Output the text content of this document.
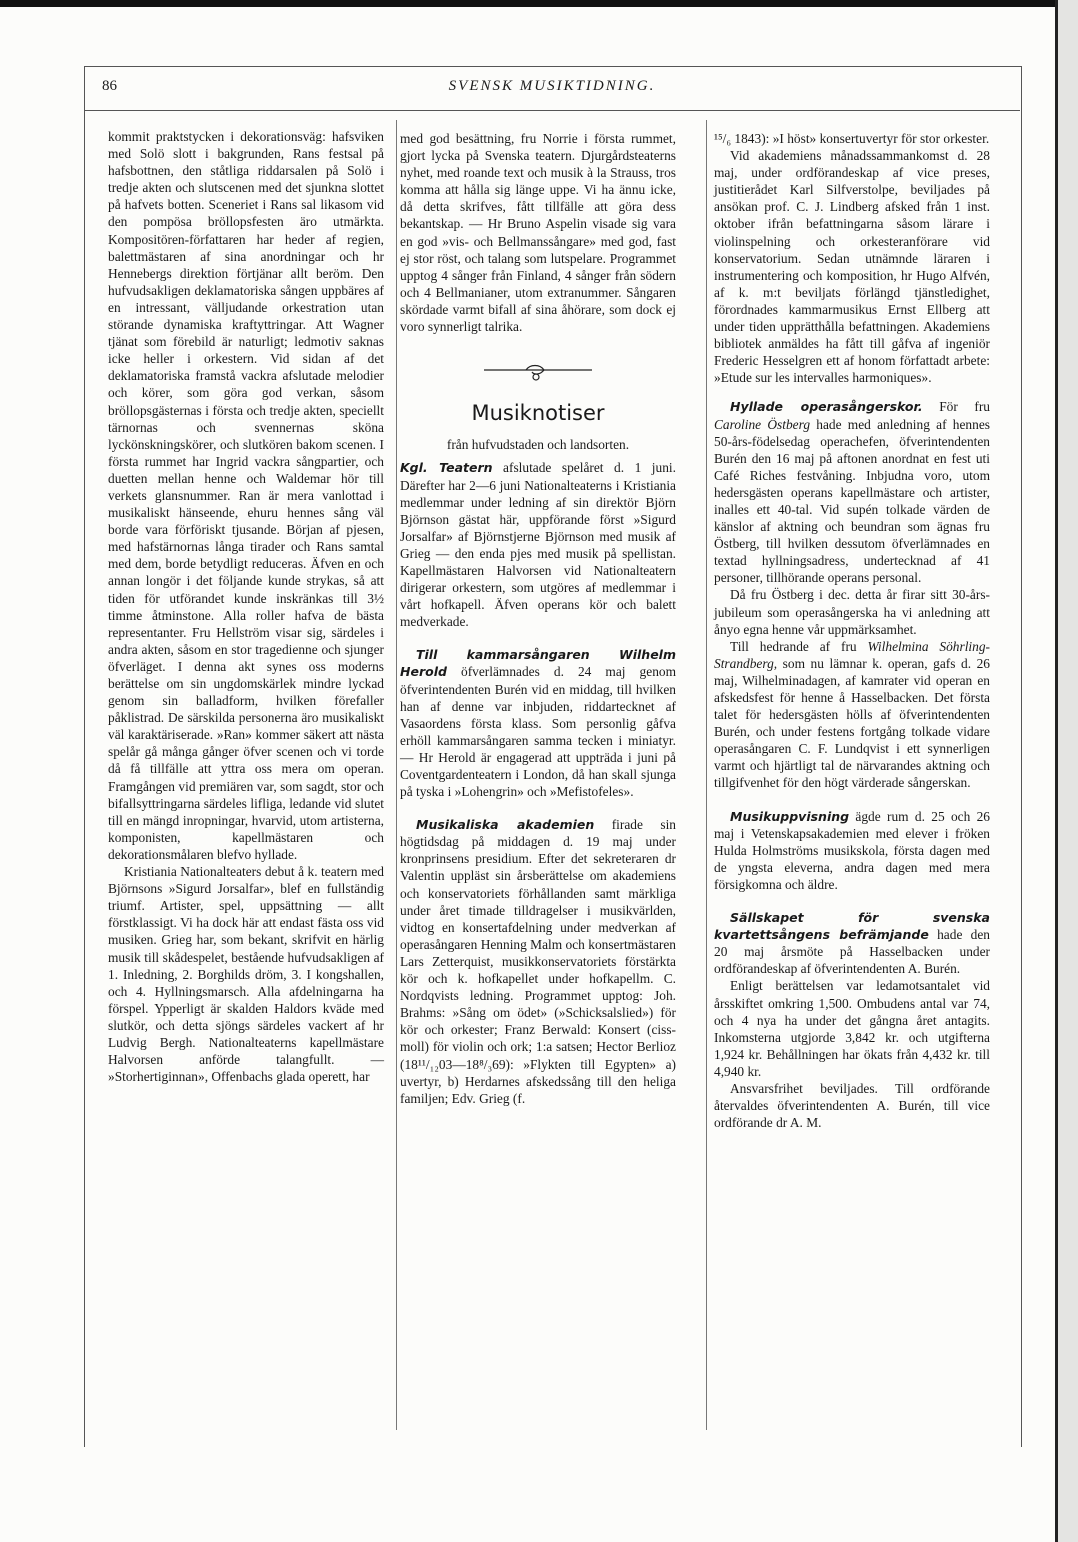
86	SVENSK MUSIKTIDNING.

kommit praktstycken i dekorationsväg: hafsviken med Solö slott i bakgrunden, Rans festsal på hafsbottnen, den ståtliga riddarsalen på Solö i tredje akten och slutscenen med det sjunkna slottet på hafvets botten. Sceneriet i Rans sal likasom vid den pompösa bröllopsfesten äro utmärkta. Kompositören-författaren har heder af regien, balettmästaren af sina anordningar och hr Hennebergs direktion förtjänar allt beröm. Den hufvudsakligen deklamatoriska sången uppbäres af en intressant, välljudande orkestration utan störande dynamiska kraftyttringar. Att Wagner tjänat som förebild är naturligt; ledmotiv saknas icke heller i orkestern. Vid sidan af det deklamatoriska framstå vackra afslutade melodier och körer, som göra god verkan, såsom bröllopsgästernas i första och tredje akten, speciellt tärnornas och svennernas sköna lyckönskningskörer, och slutkören bakom scenen. I första rummet har Ingrid vackra sångpartier, och duetten mellan henne och Waldemar hör till verkets glansnummer. Ran är mera vanlottad i musikaliskt hänseende, ehuru hennes sång väl borde vara förföriskt tjusande. Början af pjesen, med hafstärnornas långa tirader och Rans samtal med dem, borde betydligt reduceras. Äfven en och annan longör i det följande kunde strykas, så att tiden för utförandet kunde inskränkas till 3½ timme åtminstone. Alla roller hafva de bästa representanter. Fru Hellström visar sig, särdeles i andra akten, såsom en stor tragedienne och sjunger öfverläget. I denna akt synes oss moderns berättelse om sin ungdomskärlek mindre lyckad genom sin balladform, hvilken förefaller påklistrad. De särskilda personerna äro musikaliskt väl karaktäriserade. »Ran» kommer säkert att nästa spelår gå många gånger öfver scenen och vi torde då få tillfälle att yttra oss mera om operan. Framgången vid premiären var, som sagdt, stor och bifallsyttringarna särdeles lifliga, ledande vid slutet till en mängd inropningar, hvarvid, utom artisterna, komponisten, kapellmästaren och dekorationsmålaren blefvo hyllade.

Kristiania Nationalteaters debut å k. teatern med Björnsons »Sigurd Jorsalfar», blef en fullständig triumf. Artister, spel, uppsättning — allt förstklassigt. Vi ha dock här att endast fästa oss vid musiken. Grieg har, som bekant, skrifvit en härlig musik till skådespelet, bestående hufvudsakligen af 1. Inledning, 2. Borghilds dröm, 3. I kongshallen, och 4. Hyllningsmarsch. Alla afdelningarna ha förspel. Ypperligt är skalden Haldors kväde med slutkör, och detta sjöngs särdeles vackert af hr Ludvig Bergh. Nationalteaterns kapellmästare Halvorsen anförde talangfullt. — »Storhertiginnan», Offenbachs glada operett, har

med god besättning, fru Norrie i första rummet, gjort lycka på Svenska teatern. Djurgårdsteaterns nyhet, med roande text och musik à la Strauss, tros komma att hålla sig länge uppe. Vi ha ännu icke, då detta skrifves, fått tillfälle att göra dess bekantskap. — Hr Bruno Aspelin visade sig vara en god »vis- och Bellmanssångare» med god, fast ej stor röst, och talang som lutspelare. Programmet upptog 4 sånger från Finland, 4 sånger från södern och 4 Bellmanianer, utom extranummer. Sångaren skördade varmt bifall af sina åhörare, som dock ej voro synnerligt talrika.

Musiknotiser
från hufvudstaden och landsorten.

Kgl. Teatern afslutade spelåret d. 1 juni. Därefter har 2—6 juni Nationalteaterns i Kristiania medlemmar under ledning af sin direktör Björn Björnson gästat här, uppförande först »Sigurd Jorsalfar» af Björnstjerne Björnson med musik af Grieg — den enda pjes med musik på spellistan. Kapellmästaren Halvorsen vid Nationalteatern dirigerar orkestern, som utgöres af medlemmar i vårt hofkapell. Äfven operans kör och balett medverkade.

Till kammarsångaren Wilhelm Herold öfverlämnades d. 24 maj genom öfverintendenten Burén vid en middag, till hvilken han af denne var inbjuden, riddartecknet af Vasaordens första klass. Som personlig gåfva erhöll kammarsångaren samma tecken i miniatyr. — Hr Herold är engagerad att uppträda i juni på Coventgardenteatern i London, då han skall sjunga på tyska i »Lohengrin» och »Mefistofeles».

Musikaliska akademien firade sin högtidsdag på middagen d. 19 maj under kronprinsens presidium. Efter det sekreteraren dr Valentin uppläst sin årsberättelse om akademiens och konservatoriets förhållanden samt märkliga under året timade tilldragelser i musikvärlden, vidtog en konsertafdelning under medverkan af operasångaren Henning Malm och konsertmästaren Lars Zetterquist, musikkonservatoriets förstärkta kör och k. hofkapellet under hofkapellm. C. Nordqvists ledning. Programmet upptog: Joh. Brahms: »Sång om ödet» (»Schicksalslied») för kör och orkester; Franz Berwald: Konsert (ciss-moll) för violin och ork; 1:a satsen; Hector Berlioz (18¹¹/₁₂03—18⁸/₃69): »Flykten till Egypten» a) uvertyr, b) Herdarnes afskedssång till den heliga familjen; Edv. Grieg (f.

¹⁵/₆ 1843): »I höst» konsertuvertyr för stor orkester.

Vid akademiens månadssammankomst d. 28 maj, under ordförandeskap af vice preses, justitierådet Karl Silfverstolpe, beviljades på ansökan prof. C. J. Lindberg afsked från 1 inst. oktober ifrån befattningarna såsom lärare i violinspelning och orkesteranförare vid konservatorium. Sedan utnämnde läraren i instrumentering och komposition, hr Hugo Alfvén, af k. m:t beviljats förlängd tjänstledighet, förordnades kammarmusikus Ernst Ellberg att under tiden upprätthålla befattningen. Akademiens bibliotek anmäldes ha fått till gåfva af ingeniör Frederic Hesselgren ett af honom författadt arbete: »Etude sur les intervalles harmoniques».

Hyllade operasångerskor. För fru Caroline Östberg hade med anledning af hennes 50-års-födelsedag operachefen, öfverintendenten Burén den 16 maj på aftonen anordnat en fest uti Café Riches festvåning. Inbjudna voro, utom hedersgästen operans kapellmästare och artister, inalles ett 40-tal. Vid supén tolkade värden de känslor af aktning och beundran som ägnas fru Östberg, till hvilken dessutom öfverlämnades en textad hyllningsadress, undertecknad af 41 personer, tillhörande operans personal.

Då fru Östberg i dec. detta år firar sitt 30-års-jubileum som operasångerska ha vi anledning att ånyo egna henne vår uppmärksamhet.

Till hedrande af fru Wilhelmina Söhrling-Strandberg, som nu lämnar k. operan, gafs d. 26 maj, Wilhelminadagen, af kamrater vid operan en afskedsfest för henne å Hasselbacken. Det första talet för hedersgästen hölls af öfverintendenten Burén, och under festens fortgång tolkade vidare operasångaren C. F. Lundqvist i ett synnerligen varmt och hjärtligt tal de närvarandes aktning och tillgifvenhet för den högt värderade sångerskan.

Musikuppvisning ägde rum d. 25 och 26 maj i Vetenskapsakademien med elever i fröken Hulda Holmströms musikskola, första dagen med de yngsta eleverna, andra dagen med mera försigkomna och äldre.

Sällskapet för svenska kvartettsångens befrämjande hade den 20 maj årsmöte på Hasselbacken under ordförandeskap af öfverintendenten A. Burén.

Enligt berättelsen var ledamotsantalet vid årsskiftet omkring 1,500. Ombudens antal var 74, och 4 nya ha under det gångna året antagits. Inkomsterna utgjorde 3,842 kr. och utgifterna 1,924 kr. Behållningen har ökats från 4,432 kr. till 4,940 kr.

Ansvarsfrihet beviljades. Till ordförande återvaldes öfverintendenten A. Burén, till vice ordförande dr A. M.
